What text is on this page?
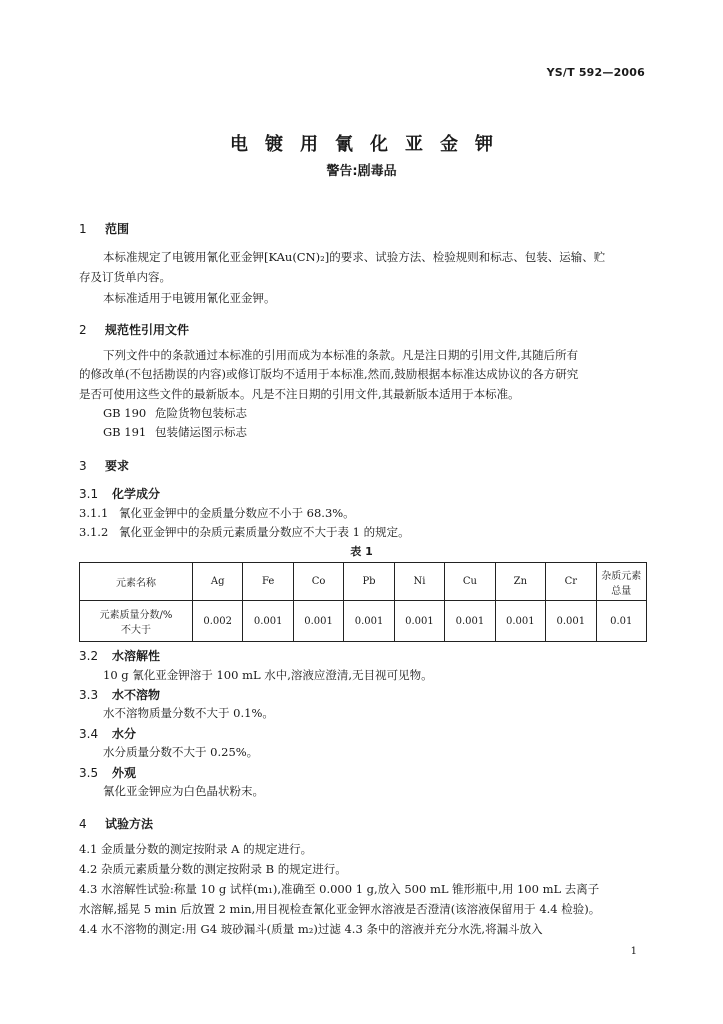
YS/T 592—2006
电镀用氰化亚金钾
警告:剧毒品
1 范围
本标准规定了电镀用氰化亚金钾[KAu(CN)₂]的要求、试验方法、检验规则和标志、包装、运输、贮
存及订货单内容。
本标准适用于电镀用氰化亚金钾。
2 规范性引用文件
下列文件中的条款通过本标准的引用而成为本标准的条款。凡是注日期的引用文件,其随后所有
的修改单(不包括勘误的内容)或修订版均不适用于本标准,然而,鼓励根据本标准达成协议的各方研究
是否可使用这些文件的最新版本。凡是不注日期的引用文件,其最新版本适用于本标准。
GB 190 危险货物包装标志
GB 191 包装储运图示标志
3 要求
3.1 化学成分
3.1.1 氰化亚金钾中的金质量分数应不小于 68.3%。
3.1.2 氰化亚金钾中的杂质元素质量分数应不大于表 1 的规定。
表 1
元素名称	Ag	Fe	Co	Pb	Ni	Cu	Zn	Cr	杂质元素
总量

元素质量分数/%
不大于	0.002	0.001	0.001	0.001	0.001	0.001	0.001	0.001	0.01
3.2 水溶解性
10 g 氰化亚金钾溶于 100 mL 水中,溶液应澄清,无目视可见物。
3.3 水不溶物
水不溶物质量分数不大于 0.1%。
3.4 水分
水分质量分数不大于 0.25%。
3.5 外观
氰化亚金钾应为白色晶状粉末。
4 试验方法
4.1 金质量分数的测定按附录 A 的规定进行。
4.2 杂质元素质量分数的测定按附录 B 的规定进行。
4.3 水溶解性试验:称量 10 g 试样(m₁),准确至 0.000 1 g,放入 500 mL 锥形瓶中,用 100 mL 去离子
水溶解,摇晃 5 min 后放置 2 min,用目视检查氰化亚金钾水溶液是否澄清(该溶液保留用于 4.4 检验)。
4.4 水不溶物的测定:用 G4 玻砂漏斗(质量 m₂)过滤 4.3 条中的溶液并充分水洗,将漏斗放入
1
